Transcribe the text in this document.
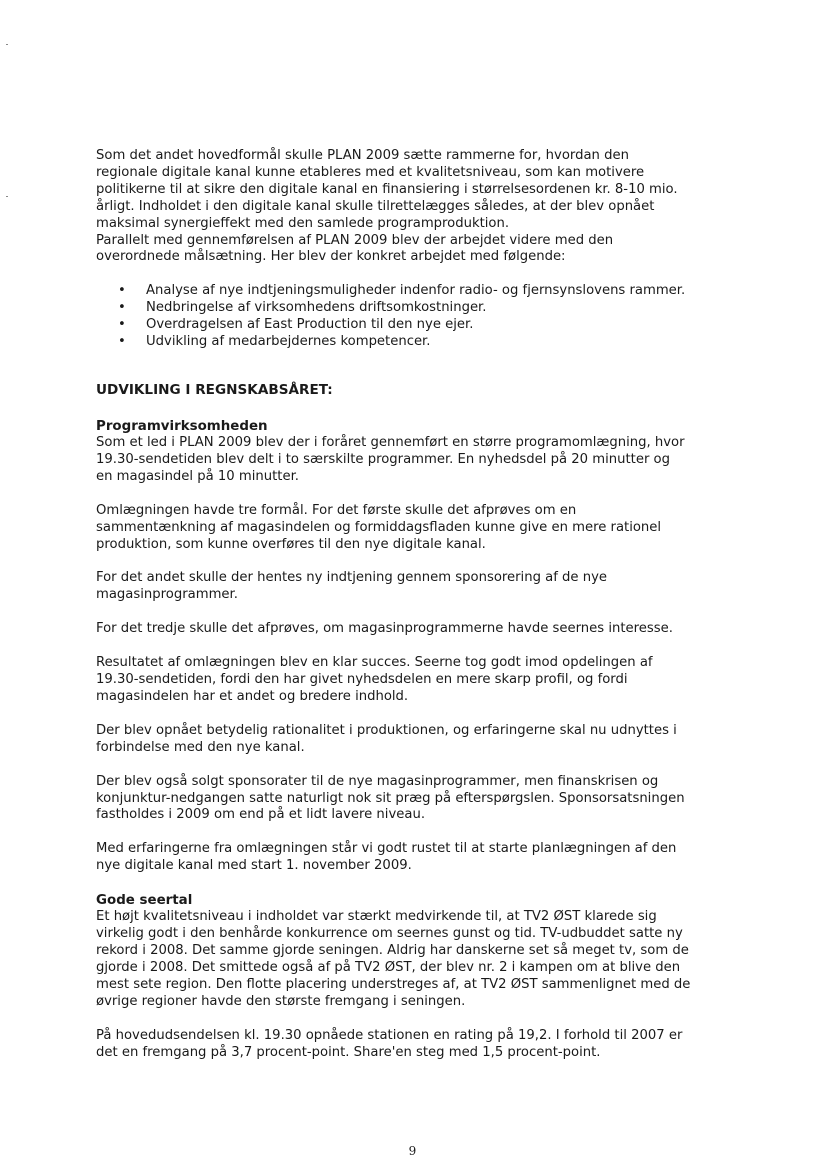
Som det andet hovedformål skulle PLAN 2009 sætte rammerne for, hvordan den
regionale digitale kanal kunne etableres med et kvalitetsniveau, som kan motivere
politikerne til at sikre den digitale kanal en finansiering i størrelsesordenen kr. 8-10 mio.
årligt. Indholdet i den digitale kanal skulle tilrettelægges således, at der blev opnået
maksimal synergieffekt med den samlede programproduktion.
Parallelt med gennemførelsen af PLAN 2009 blev der arbejdet videre med den
overordnede målsætning. Her blev der konkret arbejdet med følgende:

• Analyse af nye indtjeningsmuligheder indenfor radio- og fjernsynslovens rammer.
• Nedbringelse af virksomhedens driftsomkostninger.
• Overdragelsen af East Production til den nye ejer.
• Udvikling af medarbejdernes kompetencer.
UDVIKLING I REGNSKABSÅRET:
Programvirksomheden

Som et led i PLAN 2009 blev der i foråret gennemført en større programomlægning, hvor
19.30-sendetiden blev delt i to særskilte programmer. En nyhedsdel på 20 minutter og
en magasindel på 10 minutter.

Omlægningen havde tre formål. For det første skulle det afprøves om en
sammentænkning af magasindelen og formiddagsfladen kunne give en mere rationel
produktion, som kunne overføres til den nye digitale kanal.

For det andet skulle der hentes ny indtjening gennem sponsorering af de nye
magasinprogrammer.

For det tredje skulle det afprøves, om magasinprogrammerne havde seernes interesse.

Resultatet af omlægningen blev en klar succes. Seerne tog godt imod opdelingen af
19.30-sendetiden, fordi den har givet nyhedsdelen en mere skarp profil, og fordi
magasindelen har et andet og bredere indhold.

Der blev opnået betydelig rationalitet i produktionen, og erfaringerne skal nu udnyttes i
forbindelse med den nye kanal.

Der blev også solgt sponsorater til de nye magasinprogrammer, men finanskrisen og
konjunktur-nedgangen satte naturligt nok sit præg på efterspørgslen. Sponsorsatsningen
fastholdes i 2009 om end på et lidt lavere niveau.

Med erfaringerne fra omlægningen står vi godt rustet til at starte planlægningen af den
nye digitale kanal med start 1. november 2009.

Gode seertal

Et højt kvalitetsniveau i indholdet var stærkt medvirkende til, at TV2 ØST klarede sig
virkelig godt i den benhårde konkurrence om seernes gunst og tid. TV-udbuddet satte ny
rekord i 2008. Det samme gjorde seningen. Aldrig har danskerne set så meget tv, som de
gjorde i 2008. Det smittede også af på TV2 ØST, der blev nr. 2 i kampen om at blive den
mest sete region. Den flotte placering understreges af, at TV2 ØST sammenlignet med de
øvrige regioner havde den største fremgang i seningen.

På hovedudsendelsen kl. 19.30 opnåede stationen en rating på 19,2. I forhold til 2007 er
det en fremgang på 3,7 procent-point. Share'en steg med 1,5 procent-point.

9
